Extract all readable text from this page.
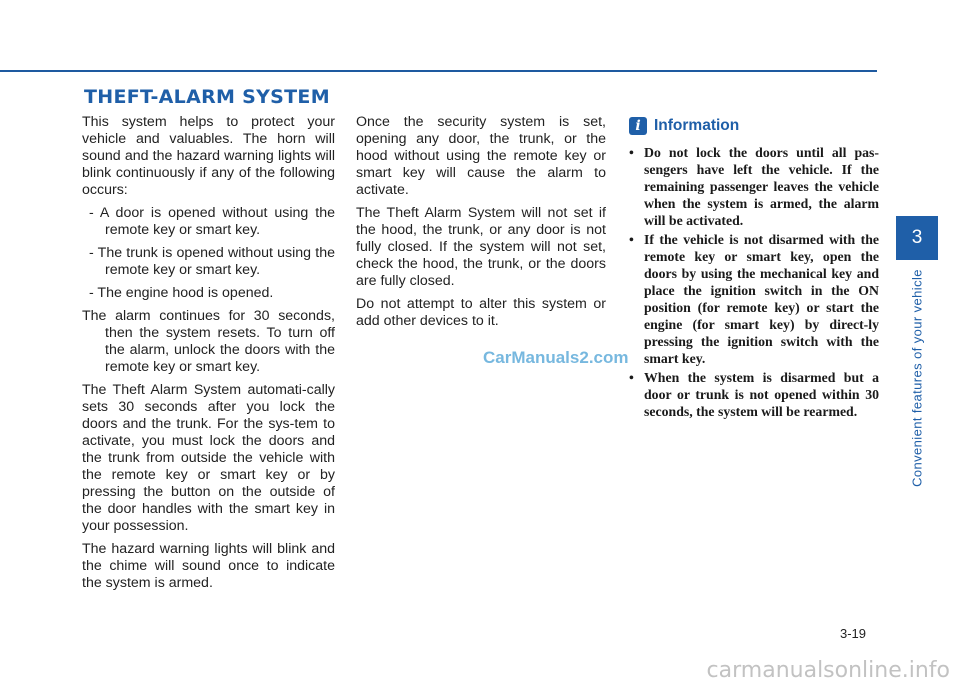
THEFT-ALARM SYSTEM

This system helps to protect your vehicle and valuables. The horn will sound and the hazard warning lights will blink continuously if any of the following occurs:

- A door is opened without using the remote key or smart key.

- The trunk is opened without using the remote key or smart key.

- The engine hood is opened.

The alarm continues for 30 seconds, then the system resets. To turn off the alarm, unlock the doors with the remote key or smart key.

The Theft Alarm System automati-cally sets 30 seconds after you lock the doors and the trunk. For the sys-tem to activate, you must lock the doors and the trunk from outside the vehicle with the remote key or smart key or by pressing the button on the outside of the door handles with the smart key in your possession.

The hazard warning lights will blink and the chime will sound once to indicate the system is armed.

Once the security system is set, opening any door, the trunk, or the hood without using the remote key or smart key will cause the alarm to activate.

The Theft Alarm System will not set if the hood, the trunk, or any door is not fully closed. If the system will not set, check the hood, the trunk, or the doors are fully closed.

Do not attempt to alter this system or add other devices to it.

i Information
• Do not lock the doors until all pas-sengers have left the vehicle. If the remaining passenger leaves the vehicle when the system is armed, the alarm will be activated.
• If the vehicle is not disarmed with the remote key or smart key, open the doors by using the mechanical key and place the ignition switch in the ON position (for remote key) or start the engine (for smart key) by direct-ly pressing the ignition switch with the smart key.
• When the system is disarmed but a door or trunk is not opened within 30 seconds, the system will be rearmed.
3
Convenient features of your vehicle
3-19
CarManuals2.com
carmanualsonline.info
